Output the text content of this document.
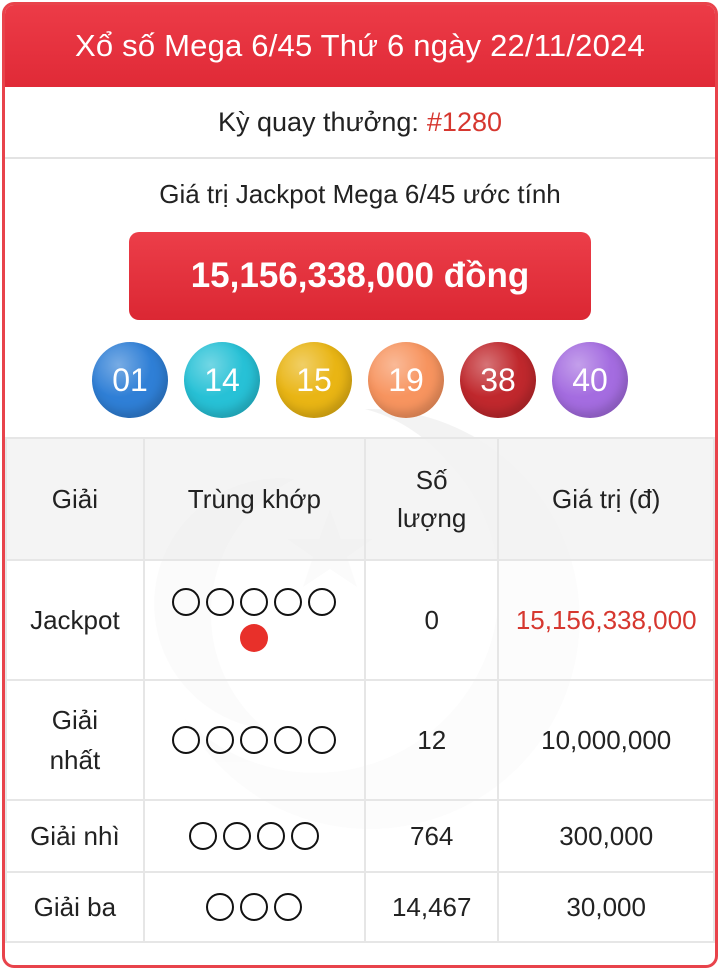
Xổ số Mega 6/45 Thứ 6 ngày 22/11/2024
Kỳ quay thưởng: #1280
Giá trị Jackpot Mega 6/45 ước tính
15,156,338,000 đồng
01	14	15	19	38	40
Giải	Trùng khớp	Số lượng	Giá trị (đ)
Jackpot		0	15,156,338,000
Giải nhất		12	10,000,000
Giải nhì		764	300,000
Giải ba		14,467	30,000
